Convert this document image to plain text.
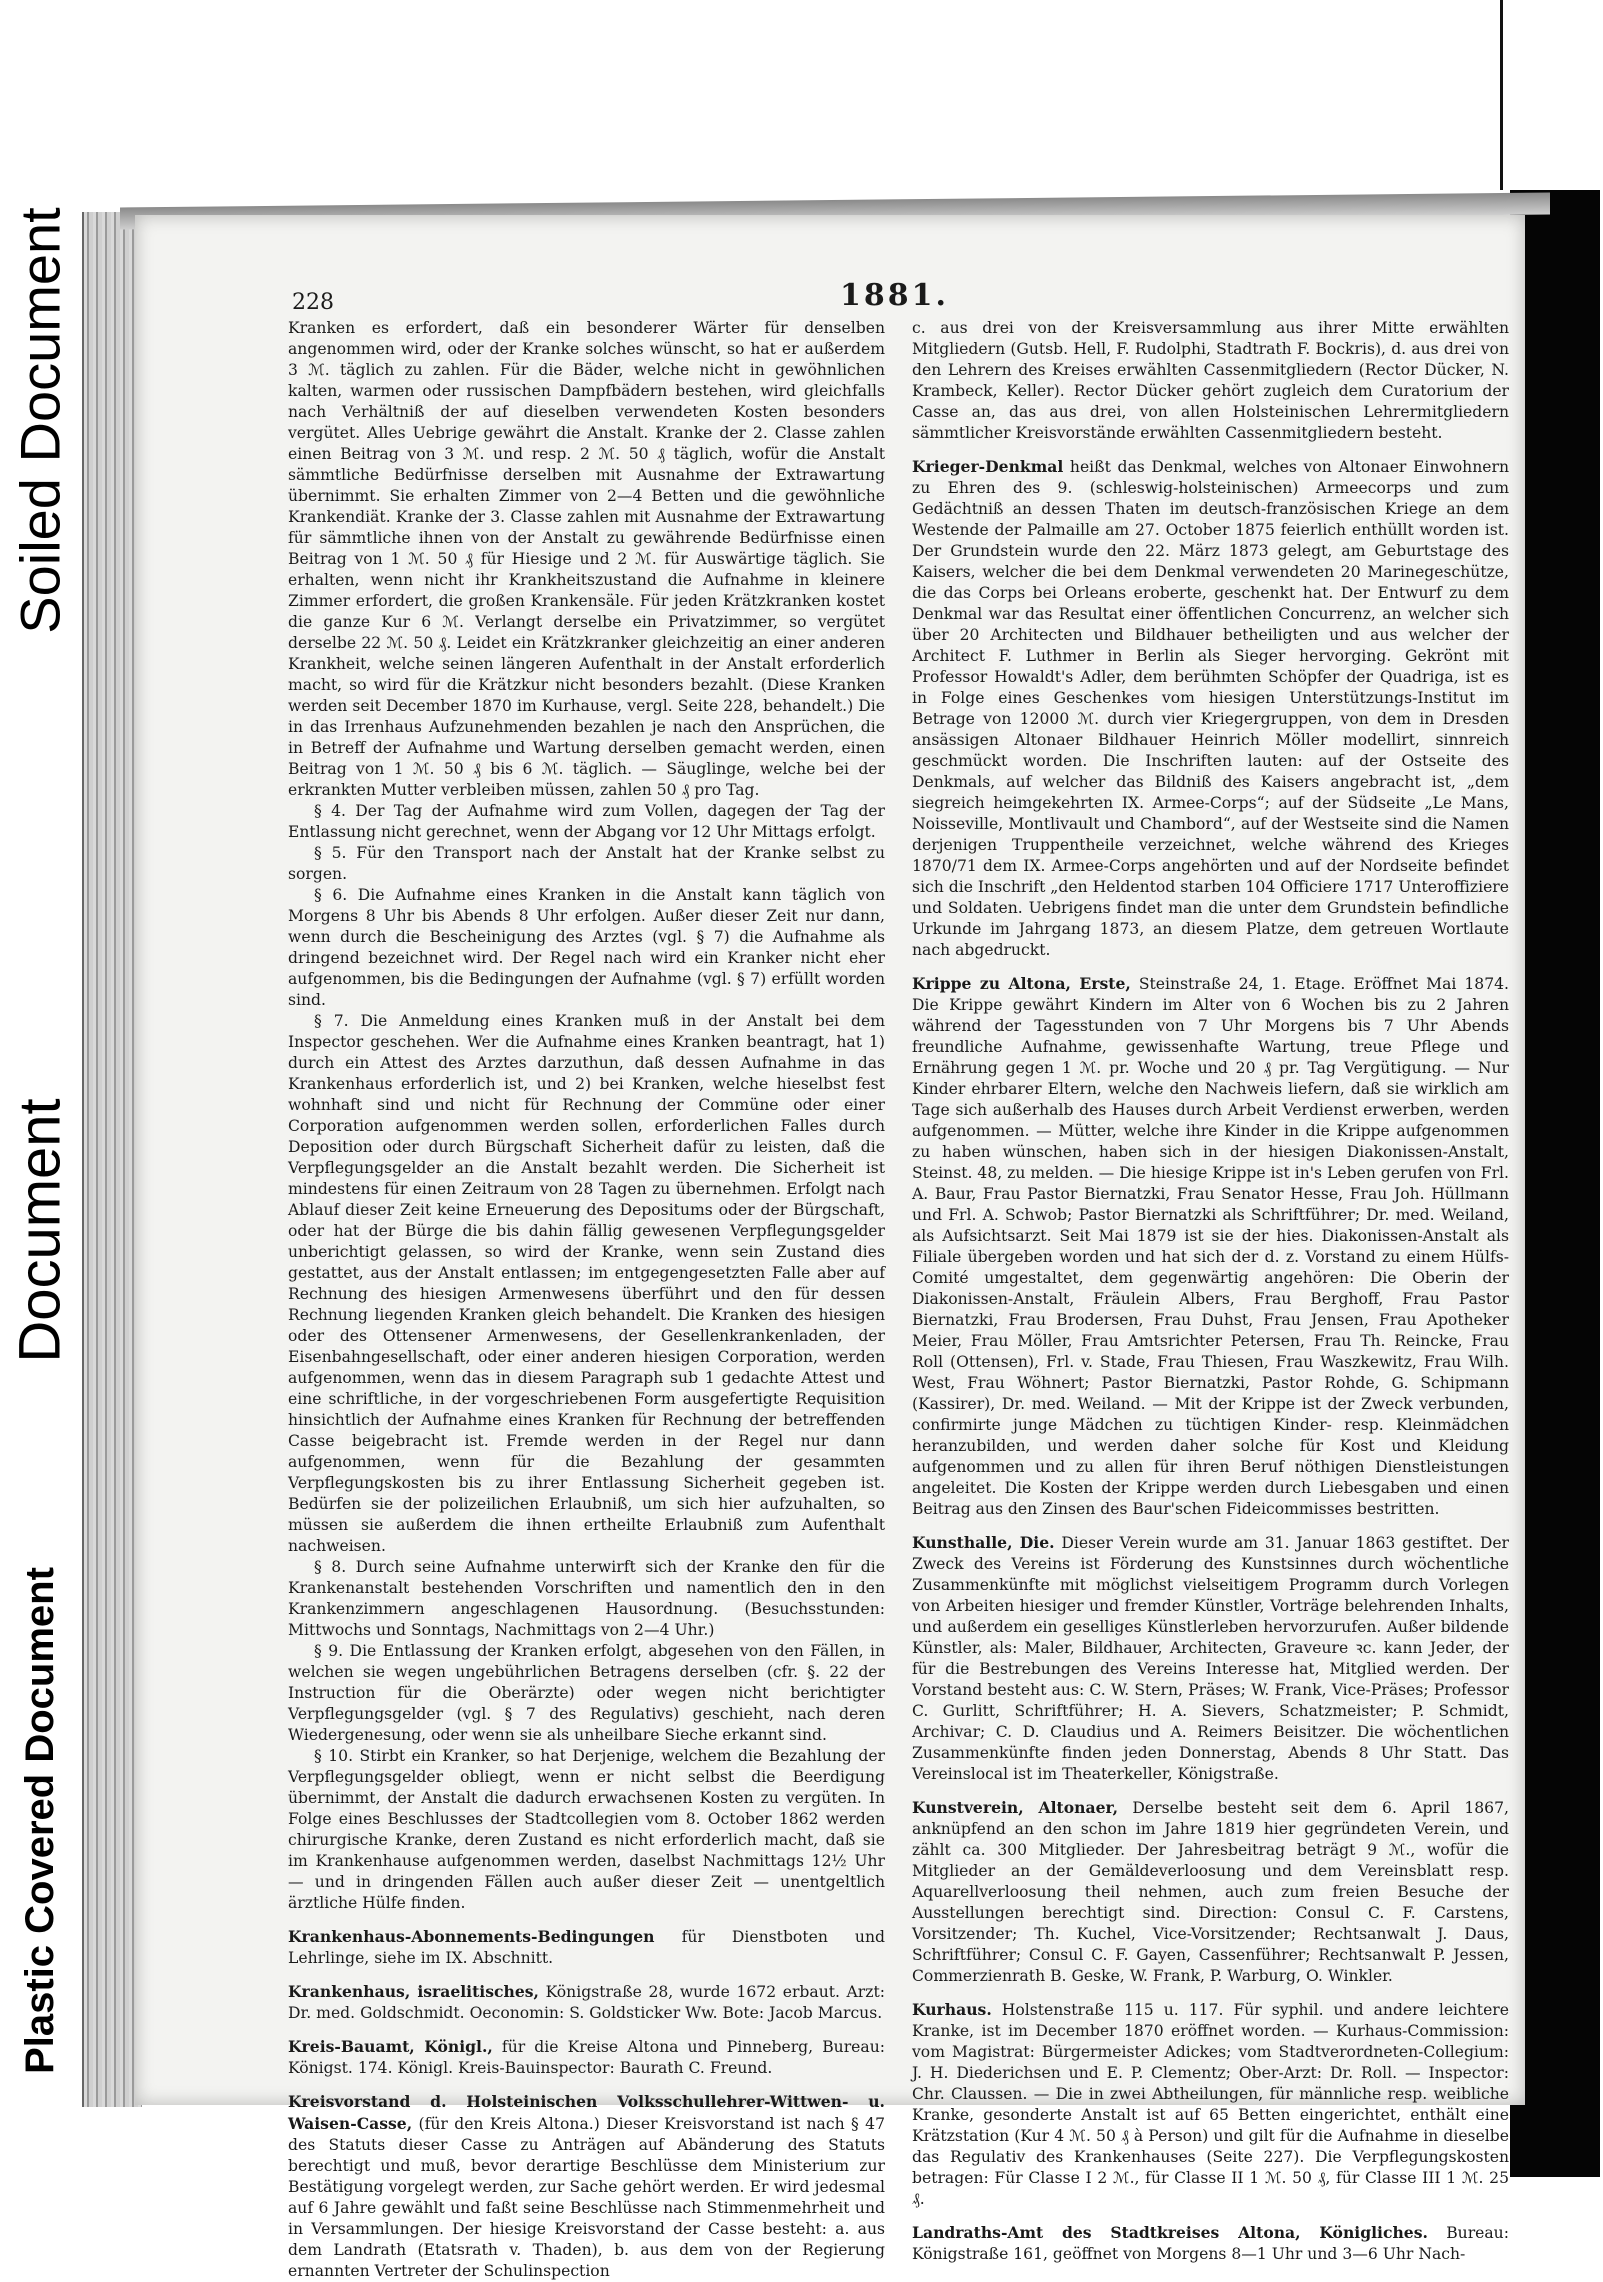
Soiled Document
Document
Plastic Covered Document
228	1881.

Kranken es erfordert, daß ein besonderer Wärter für denselben angenommen wird, oder der Kranke solches wünscht, so hat er außerdem 3 ℳ. täglich zu zahlen. Für die Bäder, welche nicht in gewöhnlichen kalten, warmen oder russischen Dampfbädern bestehen, wird gleichfalls nach Verhältniß der auf dieselben verwendeten Kosten besonders vergütet. Alles Uebrige gewährt die Anstalt. Kranke der 2. Classe zahlen einen Beitrag von 3 ℳ. und resp. 2 ℳ. 50 ₰ täglich, wofür die Anstalt sämmtliche Bedürfnisse derselben mit Ausnahme der Extrawartung übernimmt. Sie erhalten Zimmer von 2—4 Betten und die gewöhnliche Krankendiät. Kranke der 3. Classe zahlen mit Ausnahme der Extrawartung für sämmtliche ihnen von der Anstalt zu gewährende Bedürfnisse einen Beitrag von 1 ℳ. 50 ₰ für Hiesige und 2 ℳ. für Auswärtige täglich. Sie erhalten, wenn nicht ihr Krankheitszustand die Aufnahme in kleinere Zimmer erfordert, die großen Krankensäle. Für jeden Krätzkranken kostet die ganze Kur 6 ℳ. Verlangt derselbe ein Privatzimmer, so vergütet derselbe 22 ℳ. 50 ₰. Leidet ein Krätzkranker gleichzeitig an einer anderen Krankheit, welche seinen längeren Aufenthalt in der Anstalt erforderlich macht, so wird für die Krätzkur nicht besonders bezahlt. (Diese Kranken werden seit December 1870 im Kurhause, vergl. Seite 228, behandelt.) Die in das Irrenhaus Aufzunehmenden bezahlen je nach den Ansprüchen, die in Betreff der Aufnahme und Wartung derselben gemacht werden, einen Beitrag von 1 ℳ. 50 ₰ bis 6 ℳ. täglich. — Säuglinge, welche bei der erkrankten Mutter verbleiben müssen, zahlen 50 ₰ pro Tag.

§ 4. Der Tag der Aufnahme wird zum Vollen, dagegen der Tag der Entlassung nicht gerechnet, wenn der Abgang vor 12 Uhr Mittags erfolgt.

§ 5. Für den Transport nach der Anstalt hat der Kranke selbst zu sorgen.

§ 6. Die Aufnahme eines Kranken in die Anstalt kann täglich von Morgens 8 Uhr bis Abends 8 Uhr erfolgen. Außer dieser Zeit nur dann, wenn durch die Bescheinigung des Arztes (vgl. § 7) die Aufnahme als dringend bezeichnet wird. Der Regel nach wird ein Kranker nicht eher aufgenommen, bis die Bedingungen der Aufnahme (vgl. § 7) erfüllt worden sind.

§ 7. Die Anmeldung eines Kranken muß in der Anstalt bei dem Inspector geschehen. Wer die Aufnahme eines Kranken beantragt, hat 1) durch ein Attest des Arztes darzuthun, daß dessen Aufnahme in das Krankenhaus erforderlich ist, und 2) bei Kranken, welche hieselbst fest wohnhaft sind und nicht für Rechnung der Commüne oder einer Corporation aufgenommen werden sollen, erforderlichen Falles durch Deposition oder durch Bürgschaft Sicherheit dafür zu leisten, daß die Verpflegungsgelder an die Anstalt bezahlt werden. Die Sicherheit ist mindestens für einen Zeitraum von 28 Tagen zu übernehmen. Erfolgt nach Ablauf dieser Zeit keine Erneuerung des Depositums oder der Bürgschaft, oder hat der Bürge die bis dahin fällig gewesenen Verpflegungsgelder unberichtigt gelassen, so wird der Kranke, wenn sein Zustand dies gestattet, aus der Anstalt entlassen; im entgegengesetzten Falle aber auf Rechnung des hiesigen Armenwesens überführt und den für dessen Rechnung liegenden Kranken gleich behandelt. Die Kranken des hiesigen oder des Ottensener Armenwesens, der Gesellenkrankenladen, der Eisenbahngesellschaft, oder einer anderen hiesigen Corporation, werden aufgenommen, wenn das in diesem Paragraph sub 1 gedachte Attest und eine schriftliche, in der vorgeschriebenen Form ausgefertigte Requisition hinsichtlich der Aufnahme eines Kranken für Rechnung der betreffenden Casse beigebracht ist. Fremde werden in der Regel nur dann aufgenommen, wenn für die Bezahlung der gesammten Verpflegungskosten bis zu ihrer Entlassung Sicherheit gegeben ist. Bedürfen sie der polizeilichen Erlaubniß, um sich hier aufzuhalten, so müssen sie außerdem die ihnen ertheilte Erlaubniß zum Aufenthalt nachweisen.

§ 8. Durch seine Aufnahme unterwirft sich der Kranke den für die Krankenanstalt bestehenden Vorschriften und namentlich den in den Krankenzimmern angeschlagenen Hausordnung. (Besuchsstunden: Mittwochs und Sonntags, Nachmittags von 2—4 Uhr.)

§ 9. Die Entlassung der Kranken erfolgt, abgesehen von den Fällen, in welchen sie wegen ungebührlichen Betragens derselben (cfr. §. 22 der Instruction für die Oberärzte) oder wegen nicht berichtigter Verpflegungsgelder (vgl. § 7 des Regulativs) geschieht, nach deren Wiedergenesung, oder wenn sie als unheilbare Sieche erkannt sind.

§ 10. Stirbt ein Kranker, so hat Derjenige, welchem die Bezahlung der Verpflegungsgelder obliegt, wenn er nicht selbst die Beerdigung übernimmt, der Anstalt die dadurch erwachsenen Kosten zu vergüten. In Folge eines Beschlusses der Stadtcollegien vom 8. October 1862 werden chirurgische Kranke, deren Zustand es nicht erforderlich macht, daß sie im Krankenhause aufgenommen werden, daselbst Nachmittags 12½ Uhr — und in dringenden Fällen auch außer dieser Zeit — unentgeltlich ärztliche Hülfe finden.

Krankenhaus-Abonnements-Bedingungen für Dienstboten und Lehrlinge, siehe im IX. Abschnitt.

Krankenhaus, israelitisches, Königstraße 28, wurde 1672 erbaut. Arzt: Dr. med. Goldschmidt. Oeconomin: S. Goldsticker Ww. Bote: Jacob Marcus.

Kreis-Bauamt, Königl., für die Kreise Altona und Pinneberg, Bureau: Königst. 174. Königl. Kreis-Bauinspector: Baurath C. Freund.

Kreisvorstand d. Holsteinischen Volksschullehrer-Wittwen- u. Waisen-Casse, (für den Kreis Altona.) Dieser Kreisvorstand ist nach § 47 des Statuts dieser Casse zu Anträgen auf Abänderung des Statuts berechtigt und muß, bevor derartige Beschlüsse dem Ministerium zur Bestätigung vorgelegt werden, zur Sache gehört werden. Er wird jedesmal auf 6 Jahre gewählt und faßt seine Beschlüsse nach Stimmenmehrheit und in Versammlungen. Der hiesige Kreisvorstand der Casse besteht: a. aus dem Landrath (Etatsrath v. Thaden), b. aus dem von der Regierung ernannten Vertreter der Schulinspection

c. aus drei von der Kreisversammlung aus ihrer Mitte erwählten Mitgliedern (Gutsb. Hell, F. Rudolphi, Stadtrath F. Bockris), d. aus drei von den Lehrern des Kreises erwählten Cassenmitgliedern (Rector Dücker, N. Krambeck, Keller). Rector Dücker gehört zugleich dem Curatorium der Casse an, das aus drei, von allen Holsteinischen Lehrermitgliedern sämmtlicher Kreisvorstände erwählten Cassenmitgliedern besteht.

Krieger-Denkmal heißt das Denkmal, welches von Altonaer Einwohnern zu Ehren des 9. (schleswig-holsteinischen) Armeecorps und zum Gedächtniß an dessen Thaten im deutsch-französischen Kriege an dem Westende der Palmaille am 27. October 1875 feierlich enthüllt worden ist. Der Grundstein wurde den 22. März 1873 gelegt, am Geburtstage des Kaisers, welcher die bei dem Denkmal verwendeten 20 Marinegeschütze, die das Corps bei Orleans eroberte, geschenkt hat. Der Entwurf zu dem Denkmal war das Resultat einer öffentlichen Concurrenz, an welcher sich über 20 Architecten und Bildhauer betheiligten und aus welcher der Architect F. Luthmer in Berlin als Sieger hervorging. Gekrönt mit Professor Howaldt's Adler, dem berühmten Schöpfer der Quadriga, ist es in Folge eines Geschenkes vom hiesigen Unterstützungs-Institut im Betrage von 12000 ℳ. durch vier Kriegergruppen, von dem in Dresden ansässigen Altonaer Bildhauer Heinrich Möller modellirt, sinnreich geschmückt worden. Die Inschriften lauten: auf der Ostseite des Denkmals, auf welcher das Bildniß des Kaisers angebracht ist, „dem siegreich heimgekehrten IX. Armee-Corps“; auf der Südseite „Le Mans, Noisseville, Montlivault und Chambord“, auf der Westseite sind die Namen derjenigen Truppentheile verzeichnet, welche während des Krieges 1870/71 dem IX. Armee-Corps angehörten und auf der Nordseite befindet sich die Inschrift „den Heldentod starben 104 Officiere 1717 Unteroffiziere und Soldaten. Uebrigens findet man die unter dem Grundstein befindliche Urkunde im Jahrgang 1873, an diesem Platze, dem getreuen Wortlaute nach abgedruckt.

Krippe zu Altona, Erste, Steinstraße 24, 1. Etage. Eröffnet Mai 1874. Die Krippe gewährt Kindern im Alter von 6 Wochen bis zu 2 Jahren während der Tagesstunden von 7 Uhr Morgens bis 7 Uhr Abends freundliche Aufnahme, gewissenhafte Wartung, treue Pflege und Ernährung gegen 1 ℳ. pr. Woche und 20 ₰ pr. Tag Vergütigung. — Nur Kinder ehrbarer Eltern, welche den Nachweis liefern, daß sie wirklich am Tage sich außerhalb des Hauses durch Arbeit Verdienst erwerben, werden aufgenommen. — Mütter, welche ihre Kinder in die Krippe aufgenommen zu haben wünschen, haben sich in der hiesigen Diakonissen-Anstalt, Steinst. 48, zu melden. — Die hiesige Krippe ist in's Leben gerufen von Frl. A. Baur, Frau Pastor Biernatzki, Frau Senator Hesse, Frau Joh. Hüllmann und Frl. A. Schwob; Pastor Biernatzki als Schriftführer; Dr. med. Weiland, als Aufsichtsarzt. Seit Mai 1879 ist sie der hies. Diakonissen-Anstalt als Filiale übergeben worden und hat sich der d. z. Vorstand zu einem Hülfs-Comité umgestaltet, dem gegenwärtig angehören: Die Oberin der Diakonissen-Anstalt, Fräulein Albers, Frau Berghoff, Frau Pastor Biernatzki, Frau Brodersen, Frau Duhst, Frau Jensen, Frau Apotheker Meier, Frau Möller, Frau Amtsrichter Petersen, Frau Th. Reincke, Frau Roll (Ottensen), Frl. v. Stade, Frau Thiesen, Frau Waszkewitz, Frau Wilh. West, Frau Wöhnert; Pastor Biernatzki, Pastor Rohde, G. Schipmann (Kassirer), Dr. med. Weiland. — Mit der Krippe ist der Zweck verbunden, confirmirte junge Mädchen zu tüchtigen Kinder- resp. Kleinmädchen heranzubilden, und werden daher solche für Kost und Kleidung aufgenommen und zu allen für ihren Beruf nöthigen Dienstleistungen angeleitet. Die Kosten der Krippe werden durch Liebesgaben und einen Beitrag aus den Zinsen des Baur'schen Fideicommisses bestritten.

Kunsthalle, Die. Dieser Verein wurde am 31. Januar 1863 gestiftet. Der Zweck des Vereins ist Förderung des Kunstsinnes durch wöchentliche Zusammenkünfte mit möglichst vielseitigem Programm durch Vorlegen von Arbeiten hiesiger und fremder Künstler, Vorträge belehrenden Inhalts, und außerdem ein geselliges Künstlerleben hervorzurufen. Außer bildende Künstler, als: Maler, Bildhauer, Architecten, Graveure ꝛc. kann Jeder, der für die Bestrebungen des Vereins Interesse hat, Mitglied werden. Der Vorstand besteht aus: C. W. Stern, Präses; W. Frank, Vice-Präses; Professor C. Gurlitt, Schriftführer; H. A. Sievers, Schatzmeister; P. Schmidt, Archivar; C. D. Claudius und A. Reimers Beisitzer. Die wöchentlichen Zusammenkünfte finden jeden Donnerstag, Abends 8 Uhr Statt. Das Vereinslocal ist im Theaterkeller, Königstraße.

Kunstverein, Altonaer, Derselbe besteht seit dem 6. April 1867, anknüpfend an den schon im Jahre 1819 hier gegründeten Verein, und zählt ca. 300 Mitglieder. Der Jahresbeitrag beträgt 9 ℳ., wofür die Mitglieder an der Gemäldeverloosung und dem Vereinsblatt resp. Aquarellverloosung theil nehmen, auch zum freien Besuche der Ausstellungen berechtigt sind. Direction: Consul C. F. Carstens, Vorsitzender; Th. Kuchel, Vice-Vorsitzender; Rechtsanwalt J. Daus, Schriftführer; Consul C. F. Gayen, Cassenführer; Rechtsanwalt P. Jessen, Commerzienrath B. Geske, W. Frank, P. Warburg, O. Winkler.

Kurhaus. Holstenstraße 115 u. 117. Für syphil. und andere leichtere Kranke, ist im December 1870 eröffnet worden. — Kurhaus-Commission: vom Magistrat: Bürgermeister Adickes; vom Stadtverordneten-Collegium: J. H. Diederichsen und E. P. Clementz; Ober-Arzt: Dr. Roll. — Inspector: Chr. Claussen. — Die in zwei Abtheilungen, für männliche resp. weibliche Kranke, gesonderte Anstalt ist auf 65 Betten eingerichtet, enthält eine Krätzstation (Kur 4 ℳ. 50 ₰ à Person) und gilt für die Aufnahme in dieselbe das Regulativ des Krankenhauses (Seite 227). Die Verpflegungskosten betragen: Für Classe I 2 ℳ., für Classe II 1 ℳ. 50 ₰, für Classe III 1 ℳ. 25 ₰.

Landraths-Amt des Stadtkreises Altona, Königliches. Bureau: Königstraße 161, geöffnet von Morgens 8—1 Uhr und 3—6 Uhr Nach-
